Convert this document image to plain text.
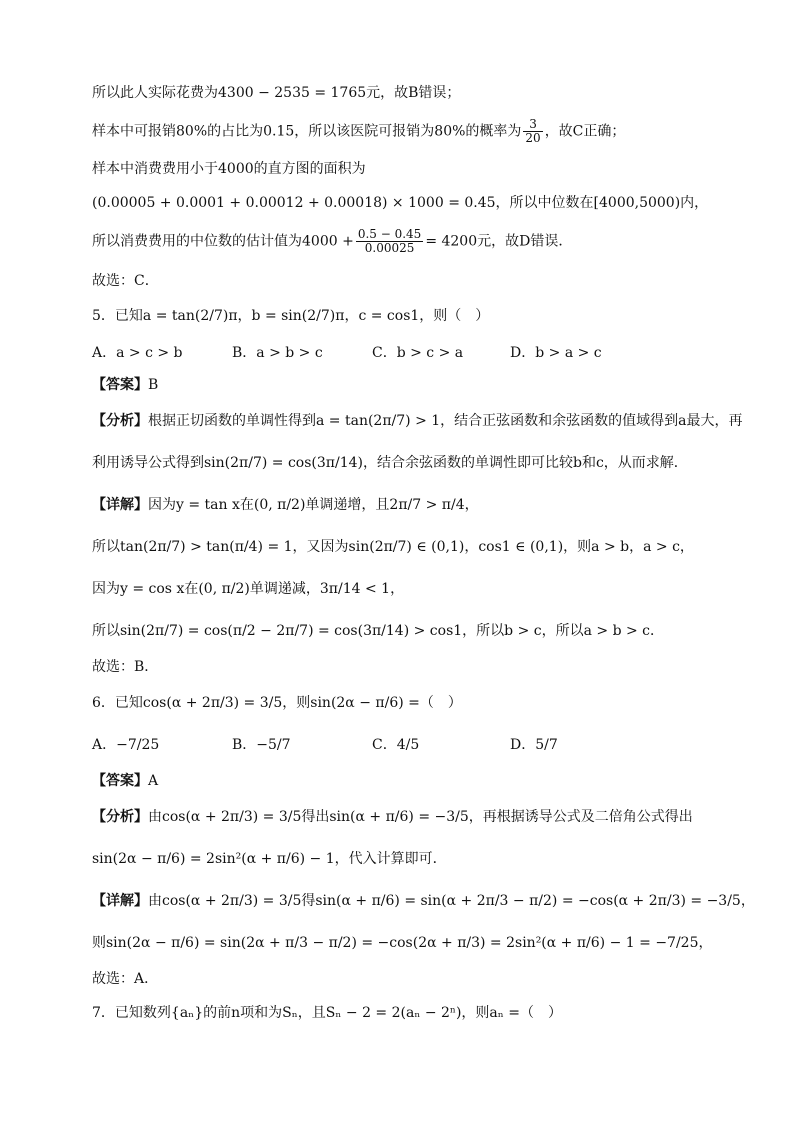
所以此人实际花费为4300 − 2535 = 1765元，故B错误；
样本中可报销80%的占比为0.15，所以该医院可报销为80%的概率为 $\frac{3}{20}$ ，故C正确；
样本中消费费用小于4000的直方图的面积为
(0.00005 + 0.0001 + 0.00012 + 0.00018) × 1000 = 0.45，所以中位数在[4000,5000)内，
所以消费费用的中位数的估计值为$4000 + \frac{0.5 - 0.45}{0.00025} = 4200$元，故D错误．
故选：C．
5．已知a = tan(2/7)π，b = sin(2/7)π，c = cos1，则（　）
A．a > c > b	B．a > b > c	C．b > c > a	D．b > a > c
【答案】B
【分析】根据正切函数的单调性得到a = tan(2π/7) > 1，结合正弦函数和余弦函数的值域得到a最大，再
利用诱导公式得到sin(2π/7) = cos(3π/14)，结合余弦函数的单调性即可比较b和c，从而求解．
【详解】因为y = tan x在(0, π/2)单调递增，且2π/7 > π/4，
所以tan(2π/7) > tan(π/4) = 1，又因为sin(2π/7) ∈ (0,1)，cos1 ∈ (0,1)，则a > b，a > c，
因为y = cos x在(0, π/2)单调递减，3π/14 < 1，
所以sin(2π/7) = cos(π/2 − 2π/7) = cos(3π/14) > cos1，所以b > c，所以a > b > c．
故选：B．
6．已知cos(α + 2π/3) = 3/5，则sin(2α − π/6) =（　）
A．−7/25	B．−5/7	C．4/5	D．5/7
【答案】A
【分析】由cos(α + 2π/3) = 3/5得出sin(α + π/6) = −3/5，再根据诱导公式及二倍角公式得出
sin(2α − π/6) = 2sin²(α + π/6) − 1，代入计算即可．
【详解】由cos(α + 2π/3) = 3/5得sin(α + π/6) = sin(α + 2π/3 − π/2) = −cos(α + 2π/3) = −3/5，
则sin(2α − π/6) = sin(2α + π/3 − π/2) = −cos(2α + π/3) = 2sin²(α + π/6) − 1 = −7/25，
故选：A．
7．已知数列{aₙ}的前n项和为Sₙ，且Sₙ − 2 = 2(aₙ − 2ⁿ)，则aₙ =（　）
